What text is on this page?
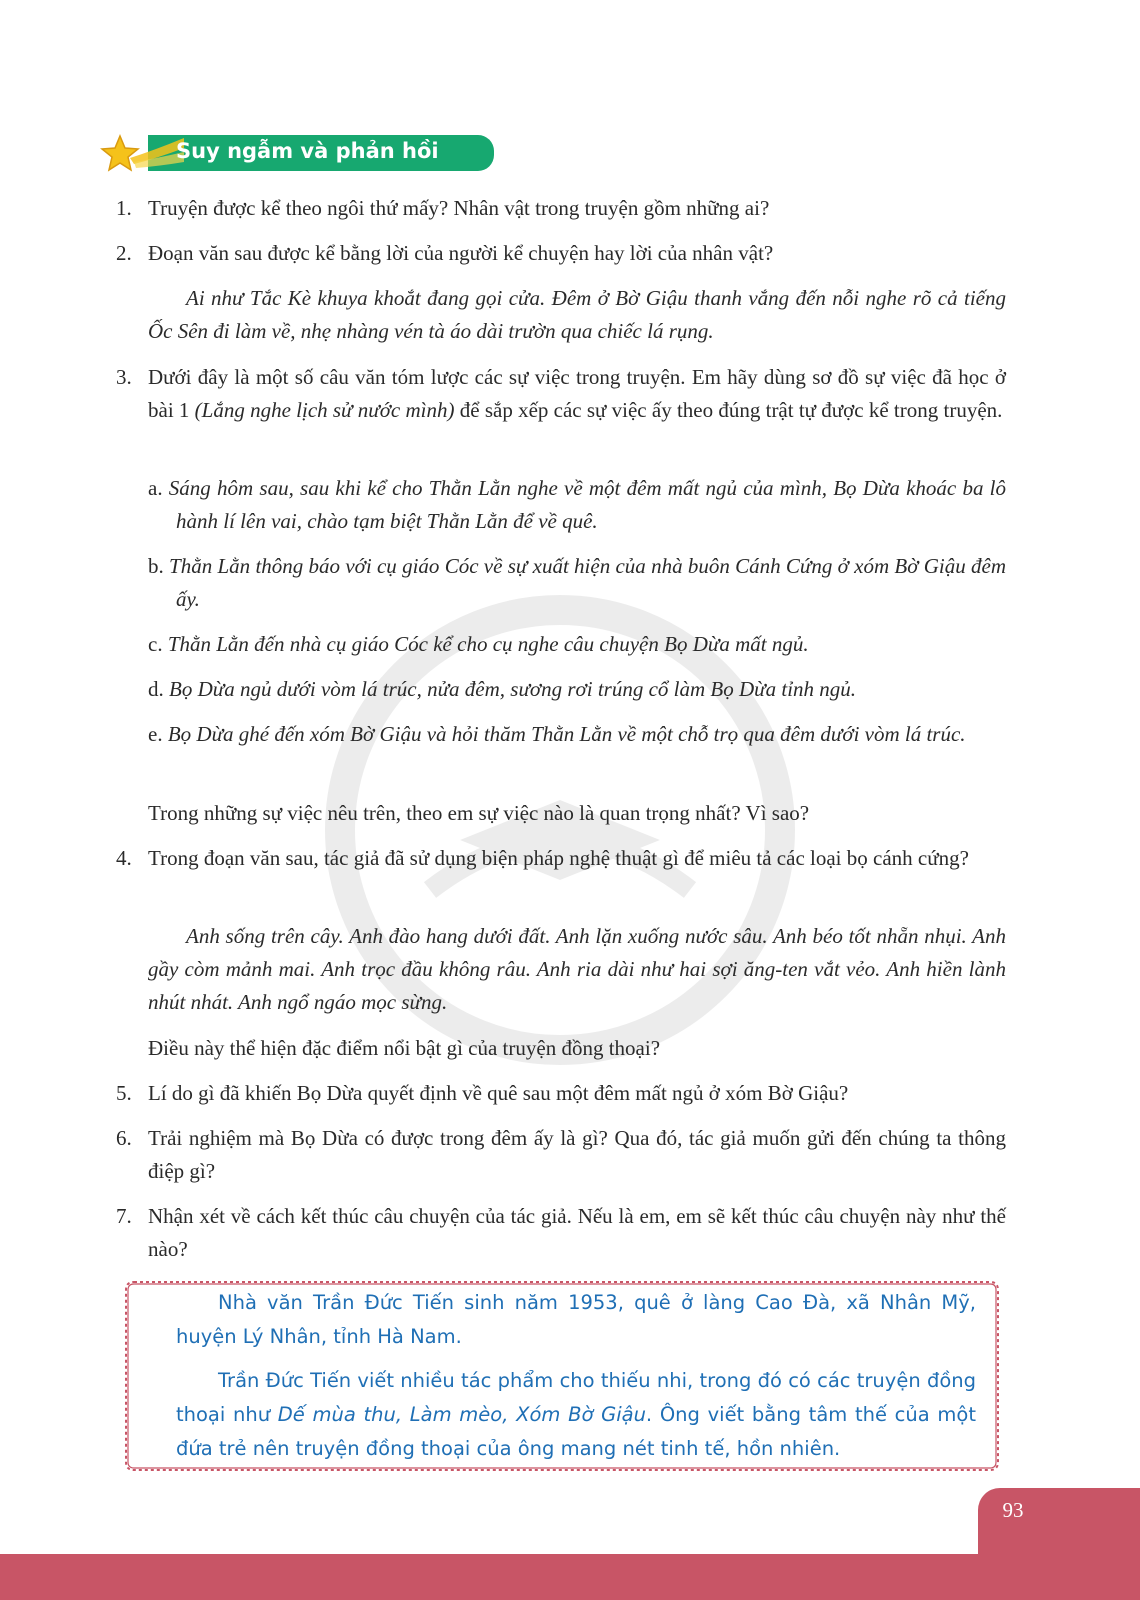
Suy ngẫm và phản hồi
1. Truyện được kể theo ngôi thứ mấy? Nhân vật trong truyện gồm những ai?
2. Đoạn văn sau được kể bằng lời của người kể chuyện hay lời của nhân vật?
Ai như Tắc Kè khuya khoắt đang gọi cửa. Đêm ở Bờ Giậu thanh vắng đến nỗi nghe rõ cả tiếng Ốc Sên đi làm về, nhẹ nhàng vén tà áo dài trườn qua chiếc lá rụng.
3. Dưới đây là một số câu văn tóm lược các sự việc trong truyện. Em hãy dùng sơ đồ sự việc đã học ở bài 1 (Lắng nghe lịch sử nước mình) để sắp xếp các sự việc ấy theo đúng trật tự được kể trong truyện.
a. Sáng hôm sau, sau khi kể cho Thằn Lằn nghe về một đêm mất ngủ của mình, Bọ Dừa khoác ba lô hành lí lên vai, chào tạm biệt Thằn Lằn để về quê.
b. Thằn Lằn thông báo với cụ giáo Cóc về sự xuất hiện của nhà buôn Cánh Cứng ở xóm Bờ Giậu đêm ấy.
c. Thằn Lằn đến nhà cụ giáo Cóc kể cho cụ nghe câu chuyện Bọ Dừa mất ngủ.
d. Bọ Dừa ngủ dưới vòm lá trúc, nửa đêm, sương rơi trúng cổ làm Bọ Dừa tỉnh ngủ.
e. Bọ Dừa ghé đến xóm Bờ Giậu và hỏi thăm Thằn Lằn về một chỗ trọ qua đêm dưới vòm lá trúc.
Trong những sự việc nêu trên, theo em sự việc nào là quan trọng nhất? Vì sao?
4. Trong đoạn văn sau, tác giả đã sử dụng biện pháp nghệ thuật gì để miêu tả các loại bọ cánh cứng?
Anh sống trên cây. Anh đào hang dưới đất. Anh lặn xuống nước sâu. Anh béo tốt nhẵn nhụi. Anh gầy còm mảnh mai. Anh trọc đầu không râu. Anh ria dài như hai sợi ăng-ten vắt vẻo. Anh hiền lành nhút nhát. Anh ngổ ngáo mọc sừng.
Điều này thể hiện đặc điểm nổi bật gì của truyện đồng thoại?
5. Lí do gì đã khiến Bọ Dừa quyết định về quê sau một đêm mất ngủ ở xóm Bờ Giậu?
6. Trải nghiệm mà Bọ Dừa có được trong đêm ấy là gì? Qua đó, tác giả muốn gửi đến chúng ta thông điệp gì?
7. Nhận xét về cách kết thúc câu chuyện của tác giả. Nếu là em, em sẽ kết thúc câu chuyện này như thế nào?
Nhà văn Trần Đức Tiến sinh năm 1953, quê ở làng Cao Đà, xã Nhân Mỹ, huyện Lý Nhân, tỉnh Hà Nam.
Trần Đức Tiến viết nhiều tác phẩm cho thiếu nhi, trong đó có các truyện đồng thoại như Dế mùa thu, Làm mèo, Xóm Bờ Giậu. Ông viết bằng tâm thế của một đứa trẻ nên truyện đồng thoại của ông mang nét tinh tế, hồn nhiên.
93
